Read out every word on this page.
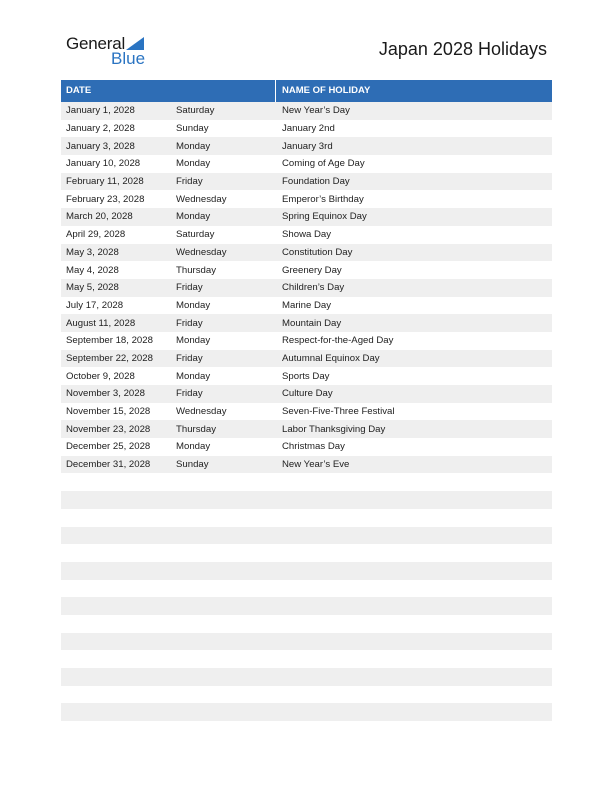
General
Blue	Japan 2028 Holidays
DATE	NAME OF HOLIDAY
January 1, 2028	Saturday	New Year’s Day
January 2, 2028	Sunday	January 2nd
January 3, 2028	Monday	January 3rd
January 10, 2028	Monday	Coming of Age Day
February 11, 2028	Friday	Foundation Day
February 23, 2028	Wednesday	Emperor’s Birthday
March 20, 2028	Monday	Spring Equinox Day
April 29, 2028	Saturday	Showa Day
May 3, 2028	Wednesday	Constitution Day
May 4, 2028	Thursday	Greenery Day
May 5, 2028	Friday	Children’s Day
July 17, 2028	Monday	Marine Day
August 11, 2028	Friday	Mountain Day
September 18, 2028	Monday	Respect-for-the-Aged Day
September 22, 2028	Friday	Autumnal Equinox Day
October 9, 2028	Monday	Sports Day
November 3, 2028	Friday	Culture Day
November 15, 2028	Wednesday	Seven-Five-Three Festival
November 23, 2028	Thursday	Labor Thanksgiving Day
December 25, 2028	Monday	Christmas Day
December 31, 2028	Sunday	New Year’s Eve
